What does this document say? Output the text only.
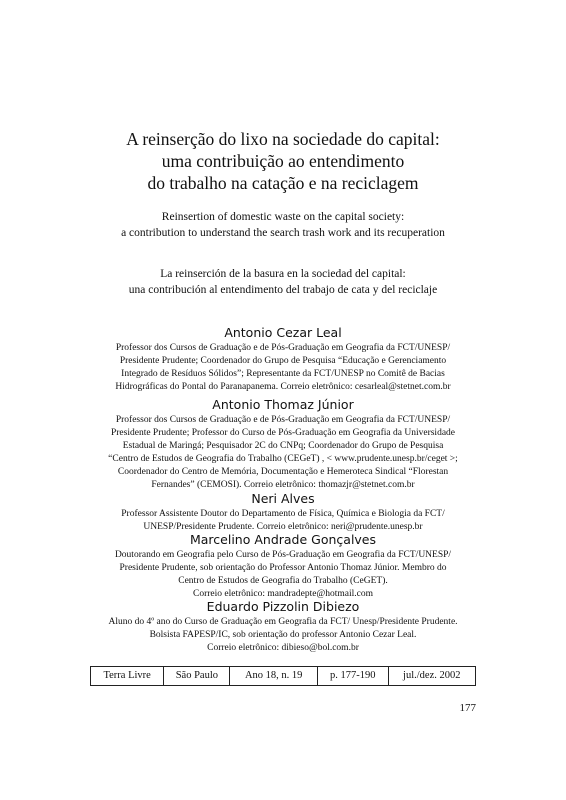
A reinserção do lixo na sociedade do capital:
uma contribuição ao entendimento
do trabalho na catação e na reciclagem
Reinsertion of domestic waste on the capital society:
a contribution to understand the search trash work and its recuperation
La reinserción de la basura en la sociedad del capital:
una contribución al entendimento del trabajo de cata y del reciclaje
Antonio Cezar Leal
Professor dos Cursos de Graduação e de Pós-Graduação em Geografia da FCT/UNESP/
Presidente Prudente; Coordenador do Grupo de Pesquisa “Educação e Gerenciamento
Integrado de Resíduos Sólidos”; Representante da FCT/UNESP no Comitê de Bacias
Hidrográficas do Pontal do Paranapanema. Correio eletrônico: cesarleal@stetnet.com.br
Antonio Thomaz Júnior
Professor dos Cursos de Graduação e de Pós-Graduação em Geografia da FCT/UNESP/
Presidente Prudente; Professor do Curso de Pós-Graduação em Geografia da Universidade
Estadual de Maringá; Pesquisador 2C do CNPq; Coordenador do Grupo de Pesquisa
“Centro de Estudos de Geografia do Trabalho (CEGeT) , < www.prudente.unesp.br/ceget >;
Coordenador do Centro de Memória, Documentação e Hemeroteca Sindical “Florestan
Fernandes” (CEMOSI). Correio eletrônico: thomazjr@stetnet.com.br
Neri Alves
Professor Assistente Doutor do Departamento de Física, Química e Biologia da FCT/
UNESP/Presidente Prudente. Correio eletrônico: neri@prudente.unesp.br
Marcelino Andrade Gonçalves
Doutorando em Geografia pelo Curso de Pós-Graduação em Geografia da FCT/UNESP/
Presidente Prudente, sob orientação do Professor Antonio Thomaz Júnior. Membro do
Centro de Estudos de Geografia do Trabalho (CeGET).
Correio eletrônico: mandradepte@hotmail.com
Eduardo Pizzolin Dibiezo
Aluno do 4º ano do Curso de Graduação em Geografia da FCT/ Unesp/Presidente Prudente.
Bolsista FAPESP/IC, sob orientação do professor Antonio Cezar Leal.
Correio eletrônico: dibieso@bol.com.br
Terra Livre	São Paulo	Ano 18, n. 19	p. 177-190	jul./dez. 2002
177
